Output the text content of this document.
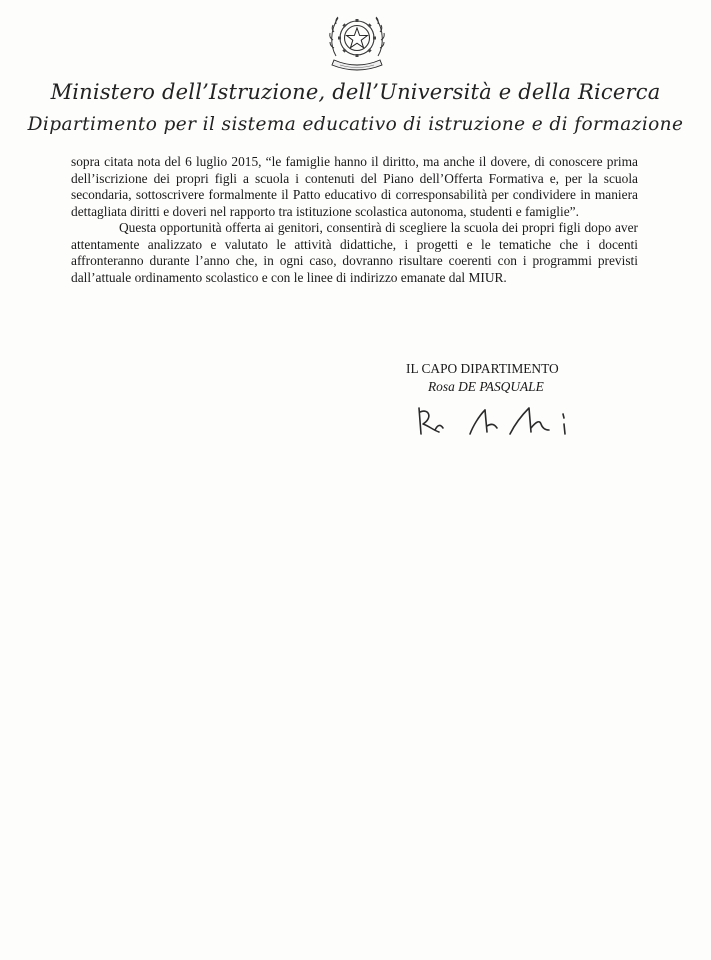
Ministero dell’Istruzione, dell’Università e della Ricerca
Dipartimento per il sistema educativo di istruzione e di formazione

sopra citata nota del 6 luglio 2015, “le famiglie hanno il diritto, ma anche il dovere, di conoscere prima dell’iscrizione dei propri figli a scuola i contenuti del Piano dell’Offerta Formativa e, per la scuola secondaria, sottoscrivere formalmente il Patto educativo di corresponsabilità per condividere in maniera dettagliata diritti e doveri nel rapporto tra istituzione scolastica autonoma, studenti e famiglie”.

Questa opportunità offerta ai genitori, consentirà di scegliere la scuola dei propri figli dopo aver attentamente analizzato e valutato le attività didattiche, i progetti e le tematiche che i docenti affronteranno durante l’anno che, in ogni caso, dovranno risultare coerenti con i programmi previsti dall’attuale ordinamento scolastico e con le linee di indirizzo emanate dal MIUR.

IL CAPO DIPARTIMENTO
Rosa DE PASQUALE
